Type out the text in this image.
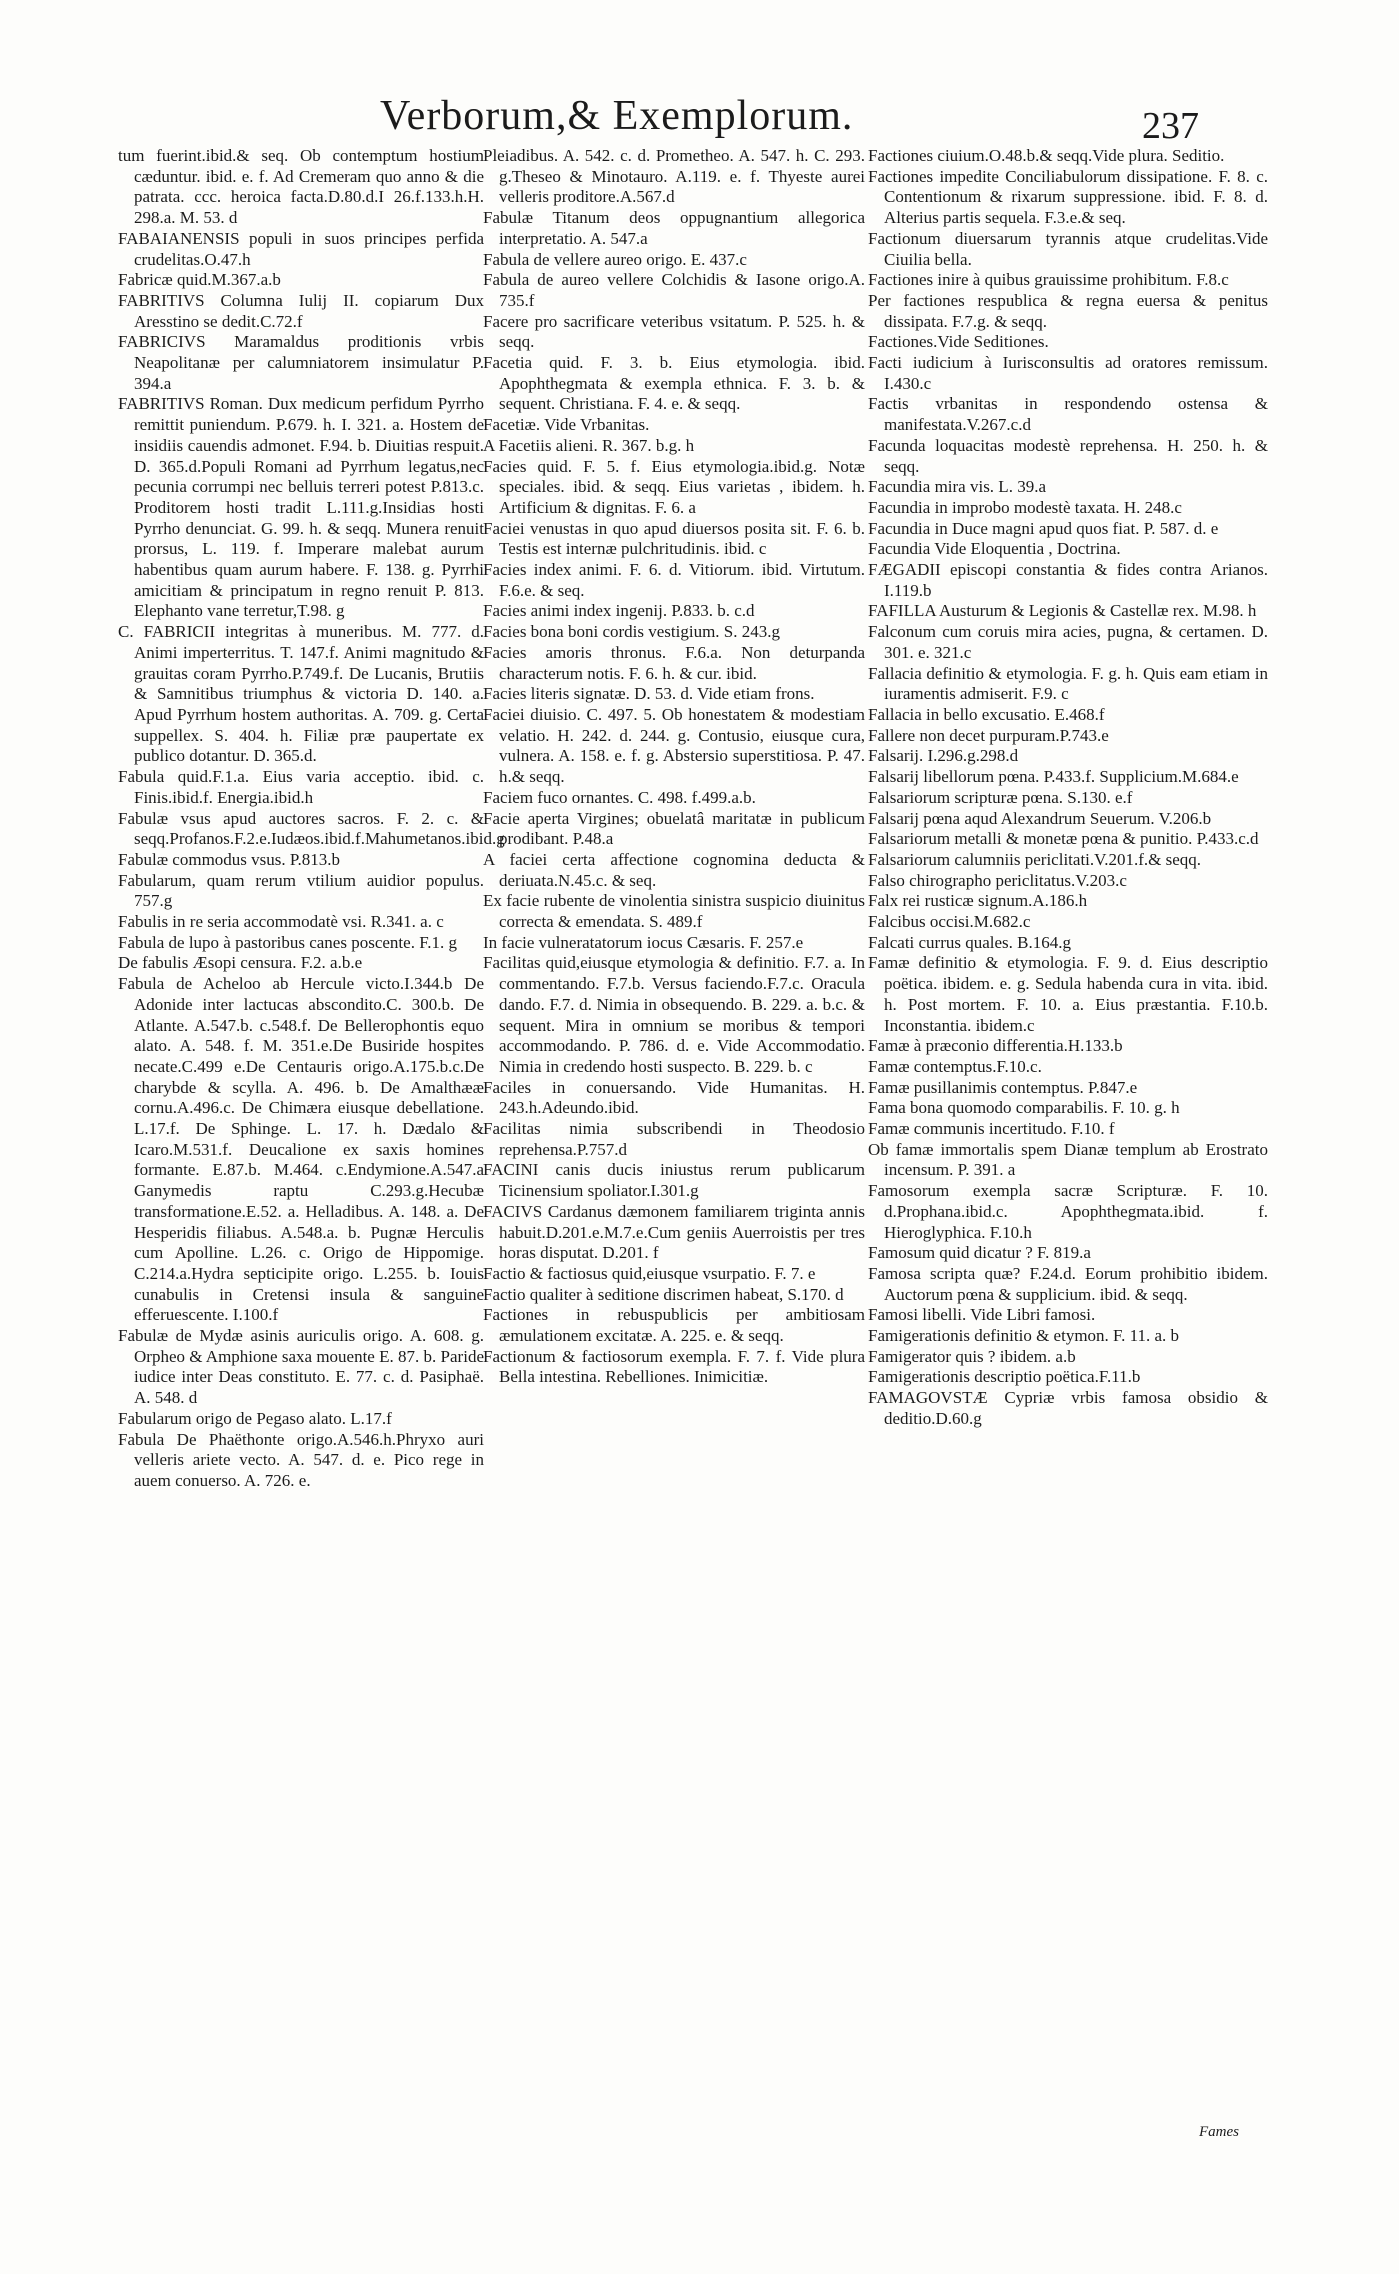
Verborum,& Exemplorum.	237

tum fuerint.ibid.& seq. Ob contemptum hostium cæduntur. ibid. e. f. Ad Cremeram quo anno & die patrata. ccc. heroica facta.D.80.d.I 26.f.133.h.H. 298.a. M. 53. d

FABAIANENSIS populi in suos principes perfida crudelitas.O.47.h

Fabricæ quid.M.367.a.b

FABRITIVS Columna Iulij II. copiarum Dux Aresstino se dedit.C.72.f

FABRICIVS Maramaldus proditionis vrbis Neapolitanæ per calumniatorem insimulatur P. 394.a

FABRITIVS Roman. Dux medicum perfidum Pyrrho remittit puniendum. P.679. h. I. 321. a. Hostem de insidiis cauendis admonet. F.94. b. Diuitias respuit. D. 365.d.Populi Romani ad Pyrrhum legatus,nec pecunia corrumpi nec belluis terreri potest P.813.c. Proditorem hosti tradit L.111.g.Insidias hosti Pyrrho denunciat. G. 99. h. & seqq. Munera renuit prorsus, L. 119. f. Imperare malebat aurum habentibus quam aurum habere. F. 138. g. Pyrrhi amicitiam & principatum in regno renuit P. 813. Elephanto vane terretur,T.98. g

C. FABRICII integritas à muneribus. M. 777. d. Animi imperterritus. T. 147.f. Animi magnitudo & grauitas coram Pyrrho.P.749.f. De Lucanis, Brutiis & Samnitibus triumphus & victoria D. 140. a. Apud Pyrrhum hostem authoritas. A. 709. g. Certa suppellex. S. 404. h. Filiæ præ paupertate ex publico dotantur. D. 365.d.

Fabula quid.F.1.a. Eius varia acceptio. ibid. c. Finis.ibid.f. Energia.ibid.h

Fabulæ vsus apud auctores sacros. F. 2. c. & seqq.Profanos.F.2.e.Iudæos.ibid.f.Mahumetanos.ibid.g

Fabulæ commodus vsus. P.813.b

Fabularum, quam rerum vtilium auidior populus. 757.g

Fabulis in re seria accommodatè vsi. R.341. a. c

Fabula de lupo à pastoribus canes poscente. F.1. g

De fabulis Æsopi censura. F.2. a.b.e

Fabula de Acheloo ab Hercule victo.I.344.b De Adonide inter lactucas abscondito.C. 300.b. De Atlante. A.547.b. c.548.f. De Bellerophontis equo alato. A. 548. f. M. 351.e.De Busiride hospites necate.C.499 e.De Centauris origo.A.175.b.c.De charybde & scylla. A. 496. b. De Amalthææ cornu.A.496.c. De Chimæra eiusque debellatione. L.17.f. De Sphinge. L. 17. h. Dædalo & Icaro.M.531.f. Deucalione ex saxis homines formante. E.87.b. M.464. c.Endymione.A.547.a Ganymedis raptu C.293.g.Hecubæ transformatione.E.52. a. Helladibus. A. 148. a. De Hesperidis filiabus. A.548.a. b. Pugnæ Herculis cum Apolline. L.26. c. Origo de Hippomige. C.214.a.Hydra septicipite origo. L.255. b. Iouis cunabulis in Cretensi insula & sanguine efferuescente. I.100.f

Fabulæ de Mydæ asinis auriculis origo. A. 608. g. Orpheo & Amphione saxa mouente E. 87. b. Paride iudice inter Deas constituto. E. 77. c. d. Pasiphaë. A. 548. d

Fabularum origo de Pegaso alato. L.17.f

Fabula De Phaëthonte origo.A.546.h.Phryxo auri velleris ariete vecto. A. 547. d. e. Pico rege in auem conuerso. A. 726. e.

Pleiadibus. A. 542. c. d. Prometheo. A. 547. h. C. 293. g.Theseo & Minotauro. A.119. e. f. Thyeste aurei velleris proditore.A.567.d

Fabulæ Titanum deos oppugnantium allegorica interpretatio. A. 547.a

Fabula de vellere aureo origo. E. 437.c

Fabula de aureo vellere Colchidis & Iasone origo.A. 735.f

Facere pro sacrificare veteribus vsitatum. P. 525. h. & seqq.

Facetia quid. F. 3. b. Eius etymologia. ibid. Apophthegmata & exempla ethnica. F. 3. b. & sequent. Christiana. F. 4. e. & seqq.

Facetiæ. Vide Vrbanitas.

A Facetiis alieni. R. 367. b.g. h

Facies quid. F. 5. f. Eius etymologia.ibid.g. Notæ speciales. ibid. & seqq. Eius varietas , ibidem. h. Artificium & dignitas. F. 6. a

Faciei venustas in quo apud diuersos posita sit. F. 6. b. Testis est internæ pulchritudinis. ibid. c

Facies index animi. F. 6. d. Vitiorum. ibid. Virtutum. F.6.e. & seq.

Facies animi index ingenij. P.833. b. c.d

Facies bona boni cordis vestigium. S. 243.g

Facies amoris thronus. F.6.a. Non deturpanda characterum notis. F. 6. h. & cur. ibid.

Facies literis signatæ. D. 53. d. Vide etiam frons.

Faciei diuisio. C. 497. 5. Ob honestatem & modestiam velatio. H. 242. d. 244. g. Contusio, eiusque cura, vulnera. A. 158. e. f. g. Abstersio superstitiosa. P. 47. h.& seqq.

Faciem fuco ornantes. C. 498. f.499.a.b.

Facie aperta Virgines; obuelatâ maritatæ in publicum prodibant. P.48.a

A faciei certa affectione cognomina deducta & deriuata.N.45.c. & seq.

Ex facie rubente de vinolentia sinistra suspicio diuinitus correcta & emendata. S. 489.f

In facie vulneratatorum iocus Cæsaris. F. 257.e

Facilitas quid,eiusque etymologia & definitio. F.7. a. In commentando. F.7.b. Versus faciendo.F.7.c. Oracula dando. F.7. d. Nimia in obsequendo. B. 229. a. b.c. & sequent. Mira in omnium se moribus & tempori accommodando. P. 786. d. e. Vide Accommodatio. Nimia in credendo hosti suspecto. B. 229. b. c

Faciles in conuersando. Vide Humanitas. H. 243.h.Adeundo.ibid.

Facilitas nimia subscribendi in Theodosio reprehensa.P.757.d

FACINI canis ducis iniustus rerum publicarum Ticinensium spoliator.I.301.g

FACIVS Cardanus dæmonem familiarem triginta annis habuit.D.201.e.M.7.e.Cum geniis Auerroistis per tres horas disputat. D.201. f

Factio & factiosus quid,eiusque vsurpatio. F. 7. e

Factio qualiter à seditione discrimen habeat, S.170. d

Factiones in rebuspublicis per ambitiosam æmulationem excitatæ. A. 225. e. & seqq.

Factionum & factiosorum exempla. F. 7. f. Vide plura Bella intestina. Rebelliones. Inimicitiæ.

Factiones ciuium.O.48.b.& seqq.Vide plura. Seditio.

Factiones impedite Conciliabulorum dissipatione. F. 8. c. Contentionum & rixarum suppressione. ibid. F. 8. d. Alterius partis sequela. F.3.e.& seq.

Factionum diuersarum tyrannis atque crudelitas.Vide Ciuilia bella.

Factiones inire à quibus grauissime prohibitum. F.8.c

Per factiones respublica & regna euersa & penitus dissipata. F.7.g. & seqq.

Factiones.Vide Seditiones.

Facti iudicium à Iurisconsultis ad oratores remissum. I.430.c

Factis vrbanitas in respondendo ostensa & manifestata.V.267.c.d

Facunda loquacitas modestè reprehensa. H. 250. h. & seqq.

Facundia mira vis. L. 39.a

Facundia in improbo modestè taxata. H. 248.c

Facundia in Duce magni apud quos fiat. P. 587. d. e

Facundia Vide Eloquentia , Doctrina.

FÆGADII episcopi constantia & fides contra Arianos. I.119.b

FAFILLA Austurum & Legionis & Castellæ rex. M.98. h

Falconum cum coruis mira acies, pugna, & certamen. D. 301. e. 321.c

Fallacia definitio & etymologia. F. g. h. Quis eam etiam in iuramentis admiserit. F.9. c

Fallacia in bello excusatio. E.468.f

Fallere non decet purpuram.P.743.e

Falsarij. I.296.g.298.d

Falsarij libellorum pœna. P.433.f. Supplicium.M.684.e

Falsariorum scripturæ pœna. S.130. e.f

Falsarij pœna aqud Alexandrum Seuerum. V.206.b

Falsariorum metalli & monetæ pœna & punitio. P.433.c.d

Falsariorum calumniis periclitati.V.201.f.& seqq.

Falso chirographo periclitatus.V.203.c

Falx rei rusticæ signum.A.186.h

Falcibus occisi.M.682.c

Falcati currus quales. B.164.g

Famæ definitio & etymologia. F. 9. d. Eius descriptio poëtica. ibidem. e. g. Sedula habenda cura in vita. ibid. h. Post mortem. F. 10. a. Eius præstantia. F.10.b. Inconstantia. ibidem.c

Famæ à præconio differentia.H.133.b

Famæ contemptus.F.10.c.

Famæ pusillanimis contemptus. P.847.e

Fama bona quomodo comparabilis. F. 10. g. h

Famæ communis incertitudo. F.10. f

Ob famæ immortalis spem Dianæ templum ab Erostrato incensum. P. 391. a

Famosorum exempla sacræ Scripturæ. F. 10. d.Prophana.ibid.c. Apophthegmata.ibid. f. Hieroglyphica. F.10.h

Famosum quid dicatur ? F. 819.a

Famosa scripta quæ? F.24.d. Eorum prohibitio ibidem. Auctorum pœna & supplicium. ibid. & seqq.

Famosi libelli. Vide Libri famosi.

Famigerationis definitio & etymon. F. 11. a. b

Famigerator quis ? ibidem. a.b

Famigerationis descriptio poëtica.F.11.b

FAMAGOVSTÆ Cypriæ vrbis famosa obsidio & deditio.D.60.g

Fames
